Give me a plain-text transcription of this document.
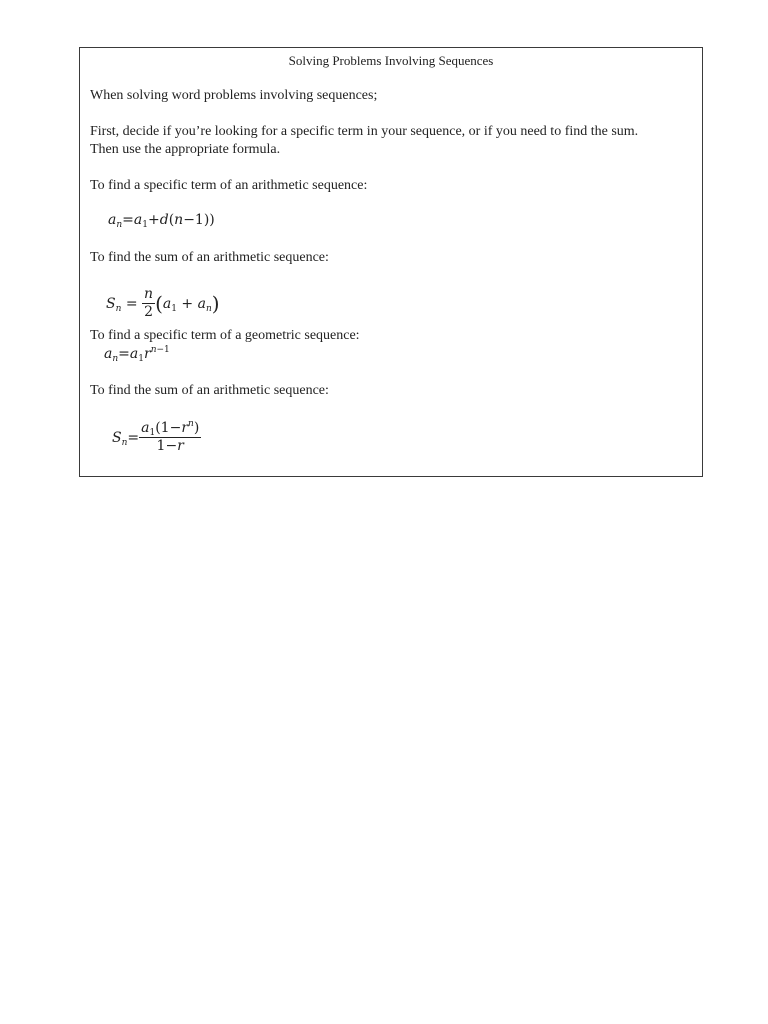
Solving Problems Involving Sequences
When solving word problems involving sequences;
First, decide if you’re looking for a specific term in your sequence, or if you need to find the sum.
Then use the appropriate formula.
To find a specific term of an arithmetic sequence:
$a_n=a_1+d(n-1)$)
To find the sum of an arithmetic sequence:
$S_n = \frac{n}{2} (a_1 + a_n)$
To find a specific term of a geometric sequence:
$a_n=a_1r^{n-1}$
To find the sum of an arithmetic sequence:
$S_n= \frac{a_1(1-r^n)}{1-r}$
